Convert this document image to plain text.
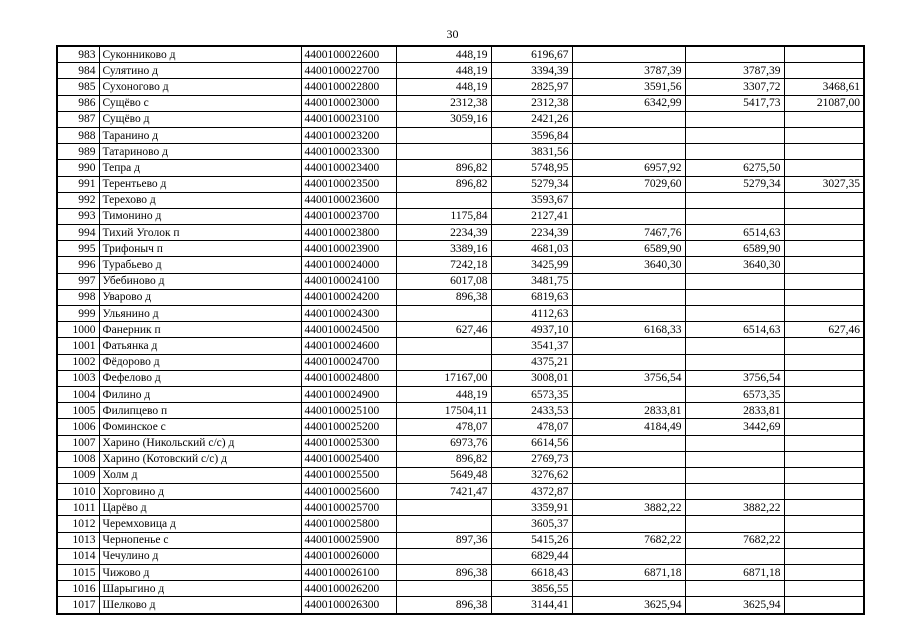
30
983	Суконниково д	4400100022600	448,19	6196,67			
984	Сулятино д	4400100022700	448,19	3394,39	3787,39	3787,39	
985	Сухоногово д	4400100022800	448,19	2825,97	3591,56	3307,72	3468,61
986	Сущёво с	4400100023000	2312,38	2312,38	6342,99	5417,73	21087,00
987	Сущёво д	4400100023100	3059,16	2421,26			
988	Таранино д	4400100023200		3596,84			
989	Татариново д	4400100023300		3831,56			
990	Тепра д	4400100023400	896,82	5748,95	6957,92	6275,50	
991	Терентьево д	4400100023500	896,82	5279,34	7029,60	5279,34	3027,35
992	Терехово д	4400100023600		3593,67			
993	Тимонино д	4400100023700	1175,84	2127,41			
994	Тихий Уголок п	4400100023800	2234,39	2234,39	7467,76	6514,63	
995	Трифоныч п	4400100023900	3389,16	4681,03	6589,90	6589,90	
996	Турабьево д	4400100024000	7242,18	3425,99	3640,30	3640,30	
997	Убебиново д	4400100024100	6017,08	3481,75			
998	Уварово д	4400100024200	896,38	6819,63			
999	Ульянино д	4400100024300		4112,63			
1000	Фанерник п	4400100024500	627,46	4937,10	6168,33	6514,63	627,46
1001	Фатьянка д	4400100024600		3541,37			
1002	Фёдорово д	4400100024700		4375,21			
1003	Фефелово д	4400100024800	17167,00	3008,01	3756,54	3756,54	
1004	Филино д	4400100024900	448,19	6573,35		6573,35	
1005	Филипцево п	4400100025100	17504,11	2433,53	2833,81	2833,81	
1006	Фоминское с	4400100025200	478,07	478,07	4184,49	3442,69	
1007	Харино (Никольский с/с) д	4400100025300	6973,76	6614,56			
1008	Харино (Котовский с/с) д	4400100025400	896,82	2769,73			
1009	Холм д	4400100025500	5649,48	3276,62			
1010	Хорговино д	4400100025600	7421,47	4372,87			
1011	Царёво д	4400100025700		3359,91	3882,22	3882,22	
1012	Черемховица д	4400100025800		3605,37			
1013	Чернопенье с	4400100025900	897,36	5415,26	7682,22	7682,22	
1014	Чечулино д	4400100026000		6829,44			
1015	Чижово д	4400100026100	896,38	6618,43	6871,18	6871,18	
1016	Шарыгино д	4400100026200		3856,55			
1017	Шелково д	4400100026300	896,38	3144,41	3625,94	3625,94	
